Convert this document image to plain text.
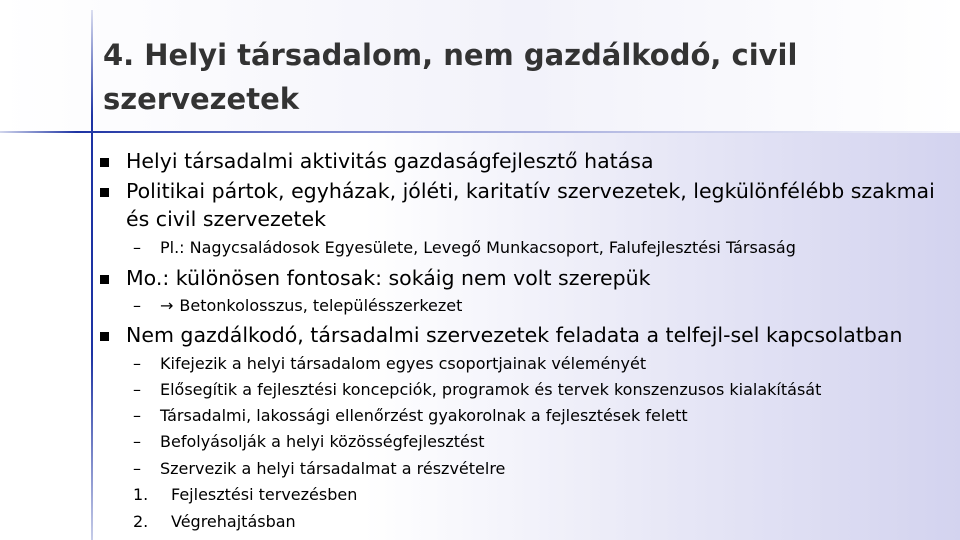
4. Helyi társadalom, nem gazdálkodó, civil
szervezetek
Helyi társadalmi aktivitás gazdaságfejlesztő hatása
Politikai pártok, egyházak, jóléti, karitatív szervezetek, legkülönfélébb szakmai
és civil szervezetek
– Pl.: Nagycsaládosok Egyesülete, Levegő Munkacsoport, Falufejlesztési Társaság
Mo.: különösen fontosak: sokáig nem volt szerepük
– → Betonkolosszus, településszerkezet
Nem gazdálkodó, társadalmi szervezetek feladata a telfejl-sel kapcsolatban
– Kifejezik a helyi társadalom egyes csoportjainak véleményét
– Elősegítik a fejlesztési koncepciók, programok és tervek konszenzusos kialakítását
– Társadalmi, lakossági ellenőrzést gyakorolnak a fejlesztések felett
– Befolyásolják a helyi közösségfejlesztést
– Szervezik a helyi társadalmat a részvételre
1. Fejlesztési tervezésben
2. Végrehajtásban
